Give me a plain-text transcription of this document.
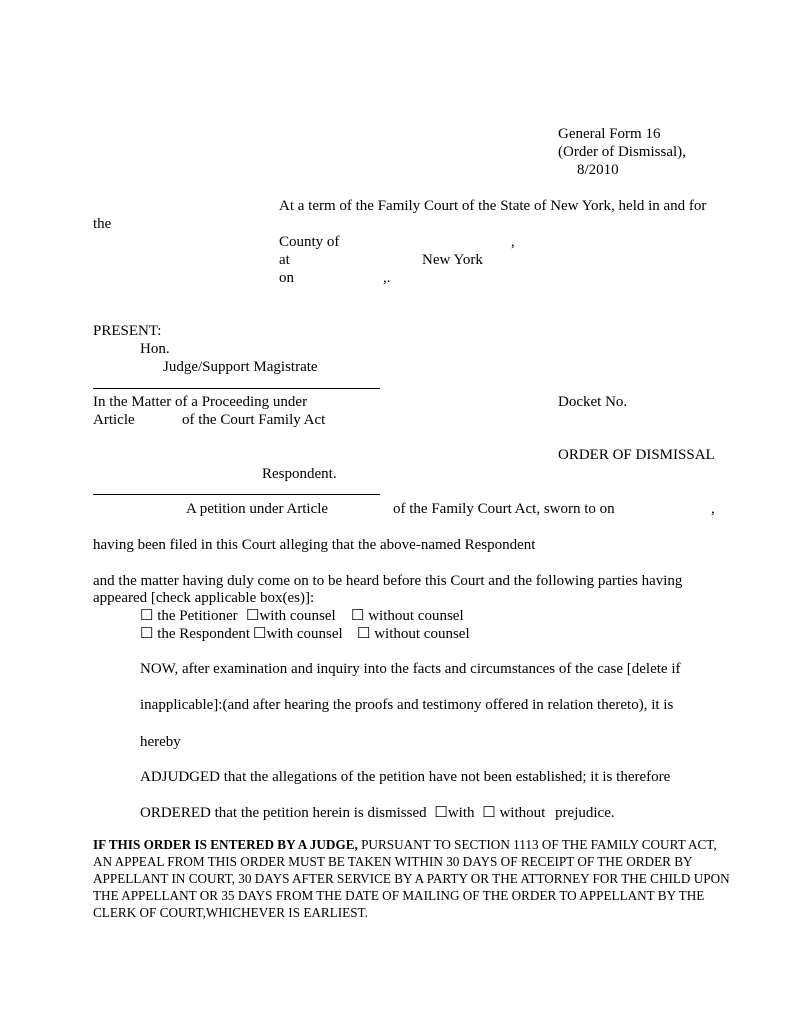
General Form 16
(Order of Dismissal),
8/2010
At a term of the Family Court of the State of New York, held in and for
the
County of	,
at	New York
on	,.
PRESENT:
Hon.
Judge/Support Magistrate
In the Matter of a Proceeding under
Article	of the Court Family Act
Docket No.
ORDER OF DISMISSAL
Respondent.
A petition under Article	of the Family Court Act, sworn to on	,
having been filed in this Court alleging that the above-named Respondent
and the matter having duly come on to be heard before this Court and the following parties having
appeared [check applicable box(es)]:
☐ the Petitioner ☐with counsel ☐ without counsel
☐ the Respondent ☐with counsel ☐ without counsel
NOW, after examination and inquiry into the facts and circumstances of the case [delete if
inapplicable]:(and after hearing the proofs and testimony offered in relation thereto), it is
hereby
ADJUDGED that the allegations of the petition have not been established; it is therefore
ORDERED that the petition herein is dismissed ☐with ☐ without prejudice.
IF THIS ORDER IS ENTERED BY A JUDGE, PURSUANT TO SECTION 1113 OF THE FAMILY COURT ACT, AN APPEAL FROM THIS ORDER MUST BE TAKEN WITHIN 30 DAYS OF RECEIPT OF THE ORDER BY APPELLANT IN COURT, 30 DAYS AFTER SERVICE BY A PARTY OR THE ATTORNEY FOR THE CHILD UPON THE APPELLANT OR 35 DAYS FROM THE DATE OF MAILING OF THE ORDER TO APPELLANT BY THE CLERK OF COURT,WHICHEVER IS EARLIEST.
